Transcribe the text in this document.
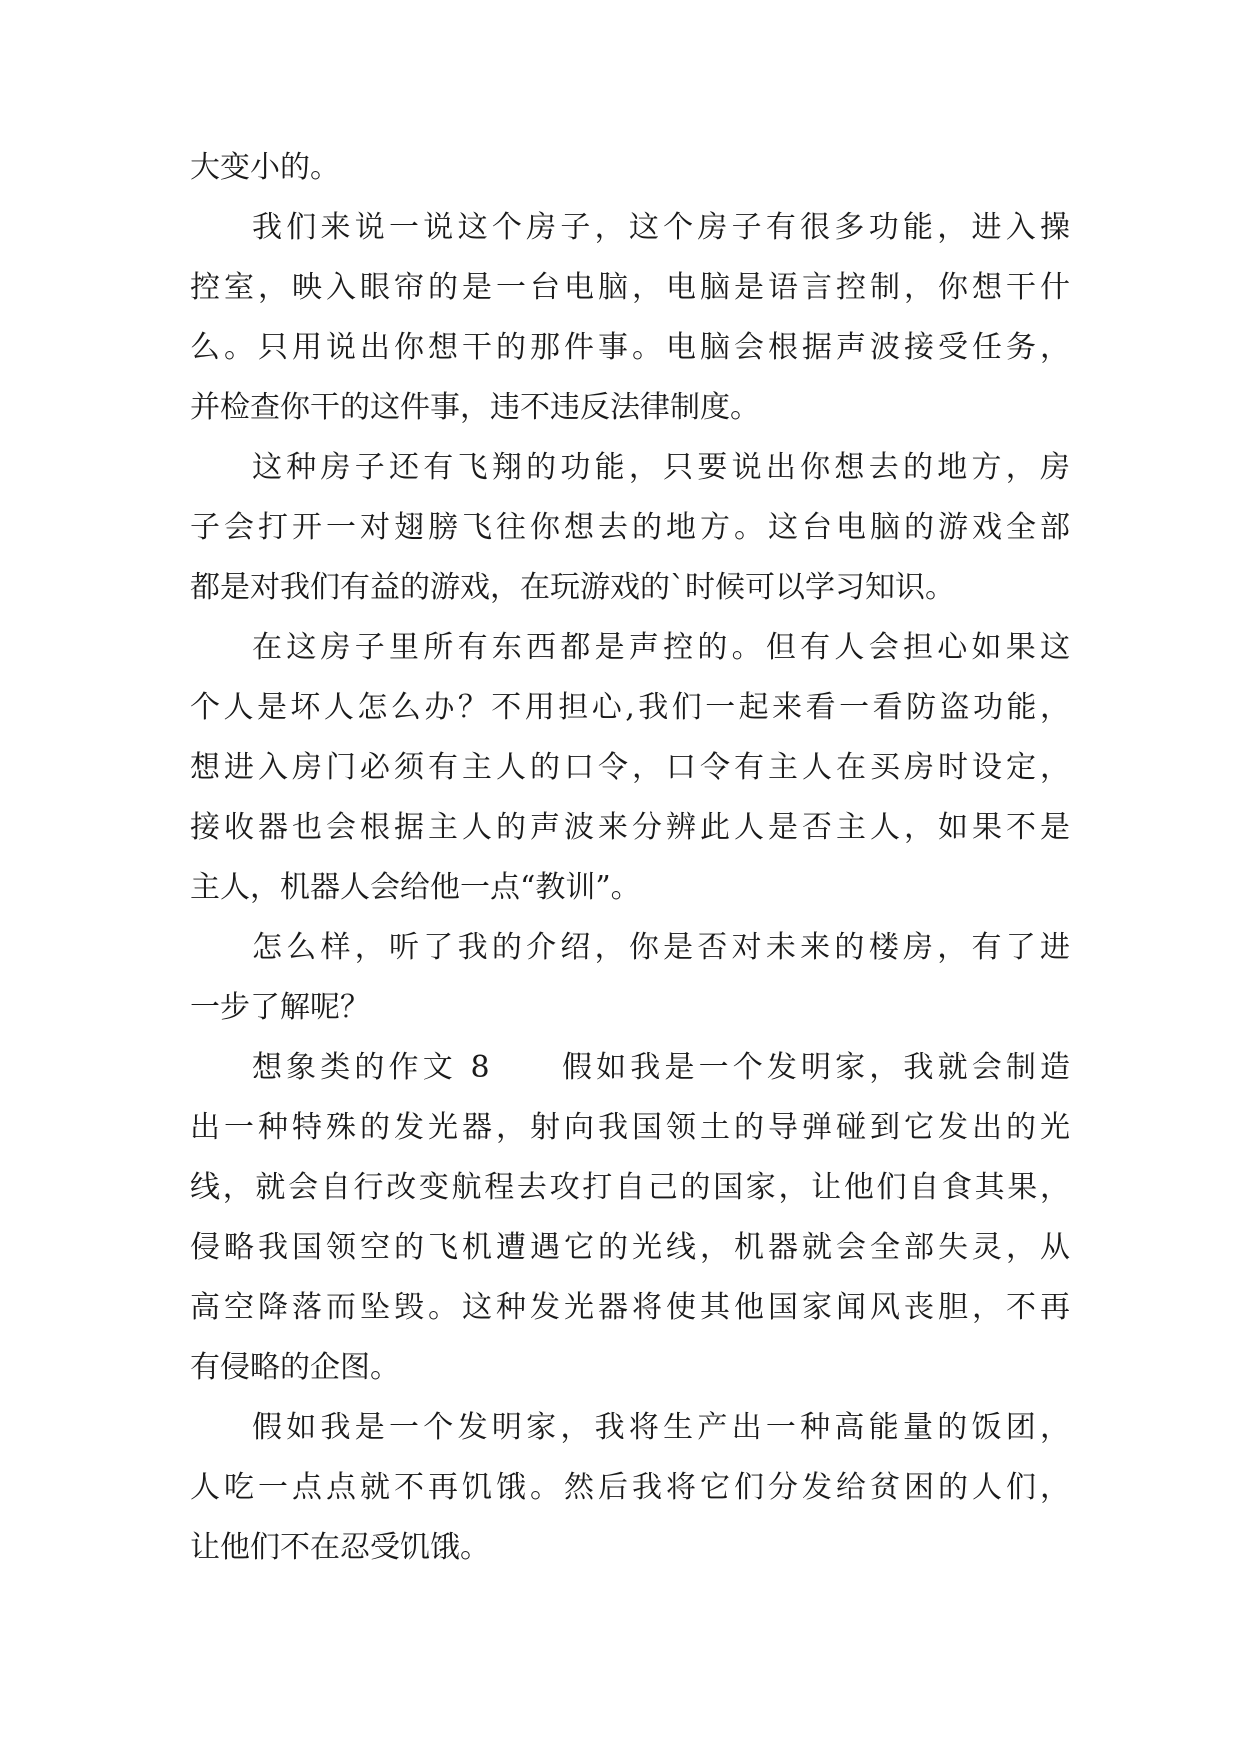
大变小的。
我们来说一说这个房子，这个房子有很多功能，进入操
控室，映入眼帘的是一台电脑，电脑是语言控制，你想干什
么。只用说出你想干的那件事。电脑会根据声波接受任务，
并检查你干的这件事，违不违反法律制度。
这种房子还有飞翔的功能，只要说出你想去的地方，房
子会打开一对翅膀飞往你想去的地方。这台电脑的游戏全部
都是对我们有益的游戏，在玩游戏的`时候可以学习知识。
在这房子里所有东西都是声控的。但有人会担心如果这
个人是坏人怎么办？不用担心,我们一起来看一看防盗功能，
想进入房门必须有主人的口令，口令有主人在买房时设定，
接收器也会根据主人的声波来分辨此人是否主人，如果不是
主人，机器人会给他一点“教训”。
怎么样，听了我的介绍，你是否对未来的楼房，有了进
一步了解呢？
想象类的作文 8　　假如我是一个发明家，我就会制造
出一种特殊的发光器，射向我国领土的导弹碰到它发出的光
线，就会自行改变航程去攻打自己的国家，让他们自食其果，
侵略我国领空的飞机遭遇它的光线，机器就会全部失灵，从
高空降落而坠毁。这种发光器将使其他国家闻风丧胆，不再
有侵略的企图。
假如我是一个发明家，我将生产出一种高能量的饭团，
人吃一点点就不再饥饿。然后我将它们分发给贫困的人们，
让他们不在忍受饥饿。
